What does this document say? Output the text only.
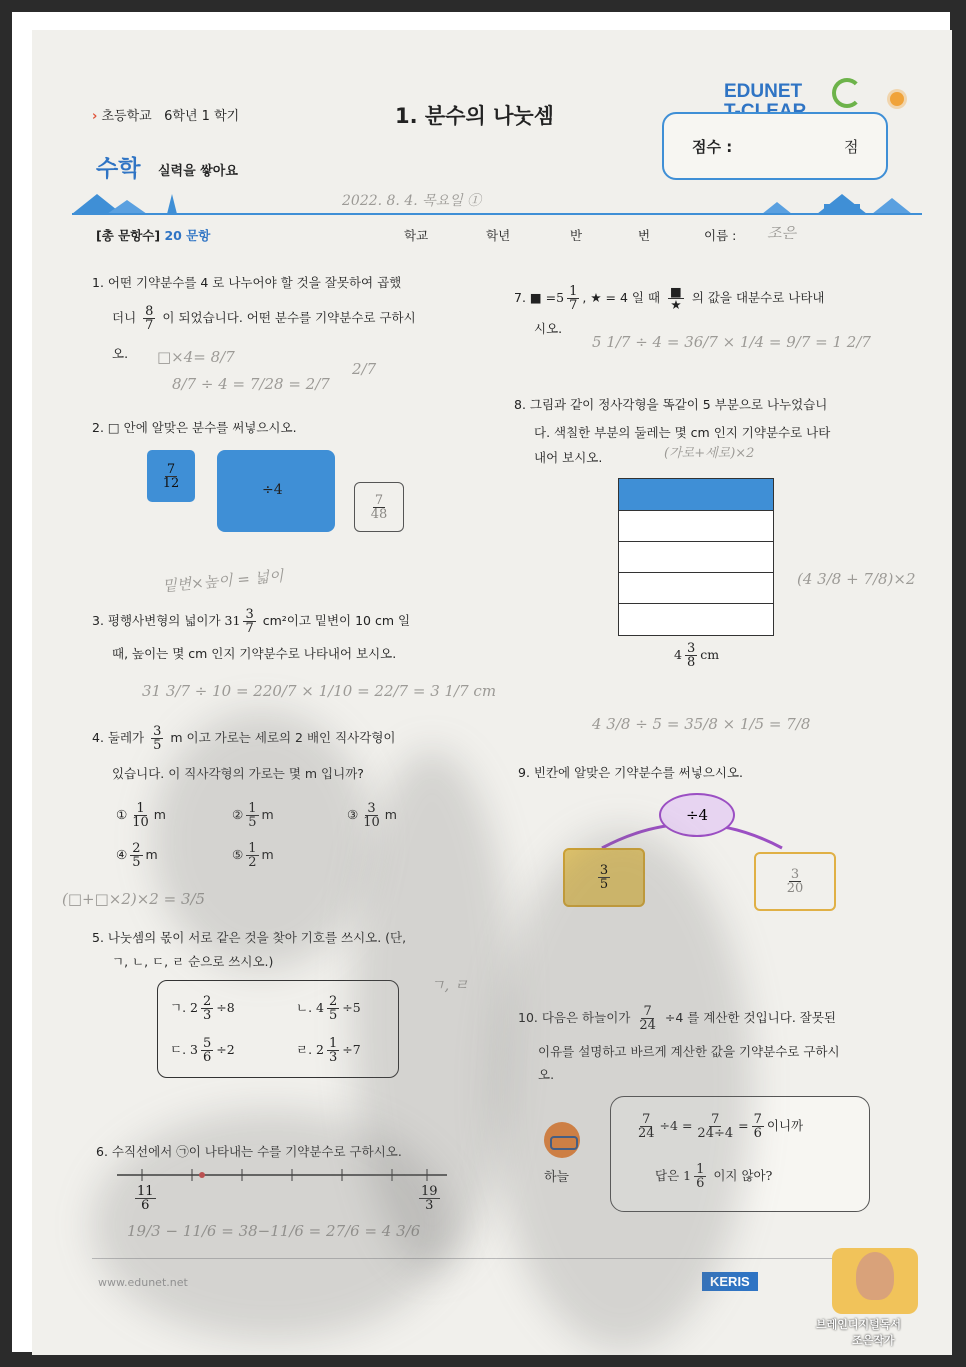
› 초등학교 6학년 1 학기	1. 분수의 나눗셈
EDUNET
점수 :	점
수학 실력을 쌓아요
2022. 8. 4. 목요일 ①
[총 문항수] 20 문항	학교	학년	반	번	이름 : 조은
1. 어떤 기약분수를 4 로 나누어야 할 것을 잘못하여 곱했
더니 $\frac{8}{7}$ 이 되었습니다. 어떤 분수를 기약분수로 구하시
오. □×4= 8/7
8/7 ÷ 4 = 7/28 = 2/7
2/7
2. □ 안에 알맞은 분수를 써넣으시오.
$\frac{7}{12}$
÷4
$\frac{7}{48}$
밑변×높이 = 넓이
3. 평행사변형의 넓이가 $31 \frac{3}{7} cm^2$이고 밑변이 10 cm 일
때, 높이는 몇 cm 인지 기약분수로 나타내어 보시오.
31 3/7 ÷ 10 = 220/7 × 1/10 = 22/7 = 3 1/7 cm
4. 둘레가 $\frac{3}{5}$ m 이고 가로는 세로의 2 배인 직사각형이
있습니다. 이 직사각형의 가로는 몇 m 입니까?
① $\frac{1}{10}$ m	② $\frac{1}{5}$ m	③ $\frac{3}{10}$ m
④ $\frac{2}{5}$ m	⑤ $\frac{1}{2}$ m
(□+□×2)×2 = 3/5
5. 나눗셈의 몫이 서로 같은 것을 찾아 기호를 쓰시오. (단,
ㄱ, ㄴ, ㄷ, ㄹ 순으로 쓰시오.)
ㄱ, ㄹ
ㄱ. $2 \frac{2}{3} \div 8$	ㄴ. $4 \frac{2}{5} \div 5$
ㄷ. $3 \frac{5}{6} \div 2$	ㄹ. $2 \frac{1}{3} \div 7$
6. 수직선에서 ㉠이 나타내는 수를 기약분수로 구하시오.
$\frac{11}{6}$	$\frac{19}{3}$
19/3 − 11/6 = 38−11/6 = 27/6 = 4 3/6
7. ■ $=5 \frac{1}{7}$ , ★ = 4 일 때 ■
★ 의 값을 대분수로 나타내
시오.
5 1/7 ÷ 4 = 36/7 × 1/4 = 9/7 = 1 2/7
8. 그림과 같이 정사각형을 똑같이 5 부분으로 나누었습니
다. 색칠한 부분의 둘레는 몇 cm 인지 기약분수로 나타
내어 보시오.	(가로+세로)×2
$4 \frac{3}{8}$ cm
(4 3/8 + 7/8)×2
4 3/8 ÷ 5 = 35/8 × 1/5 = 7/8
9. 빈칸에 알맞은 기약분수를 써넣으시오.
÷4
$\frac{3}{5}$	$\frac{3}{20}$
10. 다음은 하늘이가 $\frac{7}{24} \div 4$ 를 계산한 것입니다. 잘못된
이유를 설명하고 바르게 계산한 값을 기약분수로 구하시
오.
하늘
$\frac{7}{24} \div 4 = \frac{7}{24\div 4} = \frac{7}{6}$ 이니까
답은 $1 \frac{1}{6}$ 이지 않아?
www.edunet.net	KERIS
브레인디지털독서
조은작가
